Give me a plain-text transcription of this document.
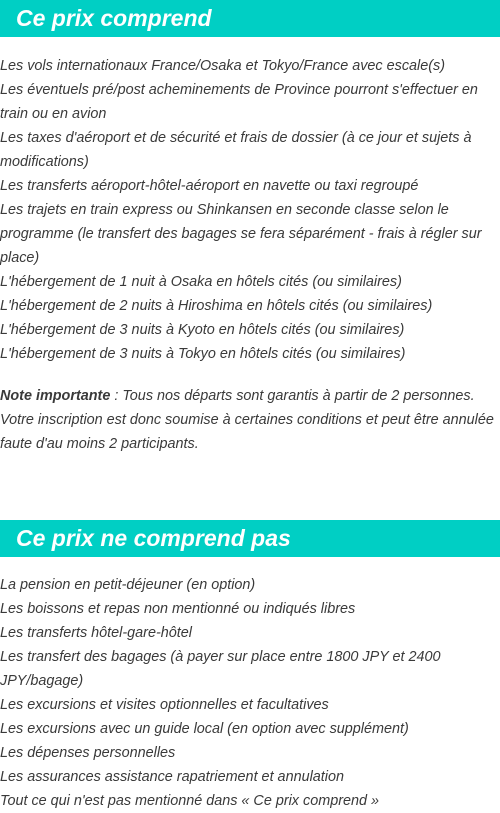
Ce prix comprend
Les vols internationaux France/Osaka et Tokyo/France avec escale(s)
Les éventuels pré/post acheminements de Province pourront s'effectuer en train ou en avion
Les taxes d'aéroport et de sécurité et frais de dossier (à ce jour et sujets à modifications)
Les transferts aéroport-hôtel-aéroport en navette ou taxi regroupé
Les trajets en train express ou Shinkansen en seconde classe selon le programme (le transfert des bagages se fera séparément - frais à régler sur place)
L'hébergement de 1 nuit à Osaka en hôtels cités (ou similaires)
L'hébergement de 2 nuits à Hiroshima en hôtels cités (ou similaires)
L'hébergement de 3 nuits à Kyoto en hôtels cités (ou similaires)
L'hébergement de 3 nuits à Tokyo en hôtels cités (ou similaires)

Note importante : Tous nos départs sont garantis à partir de 2 personnes. Votre inscription est donc soumise à certaines conditions et peut être annulée faute d'au moins 2 participants.

Ce prix ne comprend pas
La pension en petit-déjeuner (en option)
Les boissons et repas non mentionné ou indiqués libres
Les transferts hôtel-gare-hôtel
Les transfert des bagages (à payer sur place entre 1800 JPY et 2400 JPY/bagage)
Les excursions et visites optionnelles et facultatives
Les excursions avec un guide local (en option avec supplément)
Les dépenses personnelles
Les assurances assistance rapatriement et annulation
Tout ce qui n'est pas mentionné dans « Ce prix comprend »
